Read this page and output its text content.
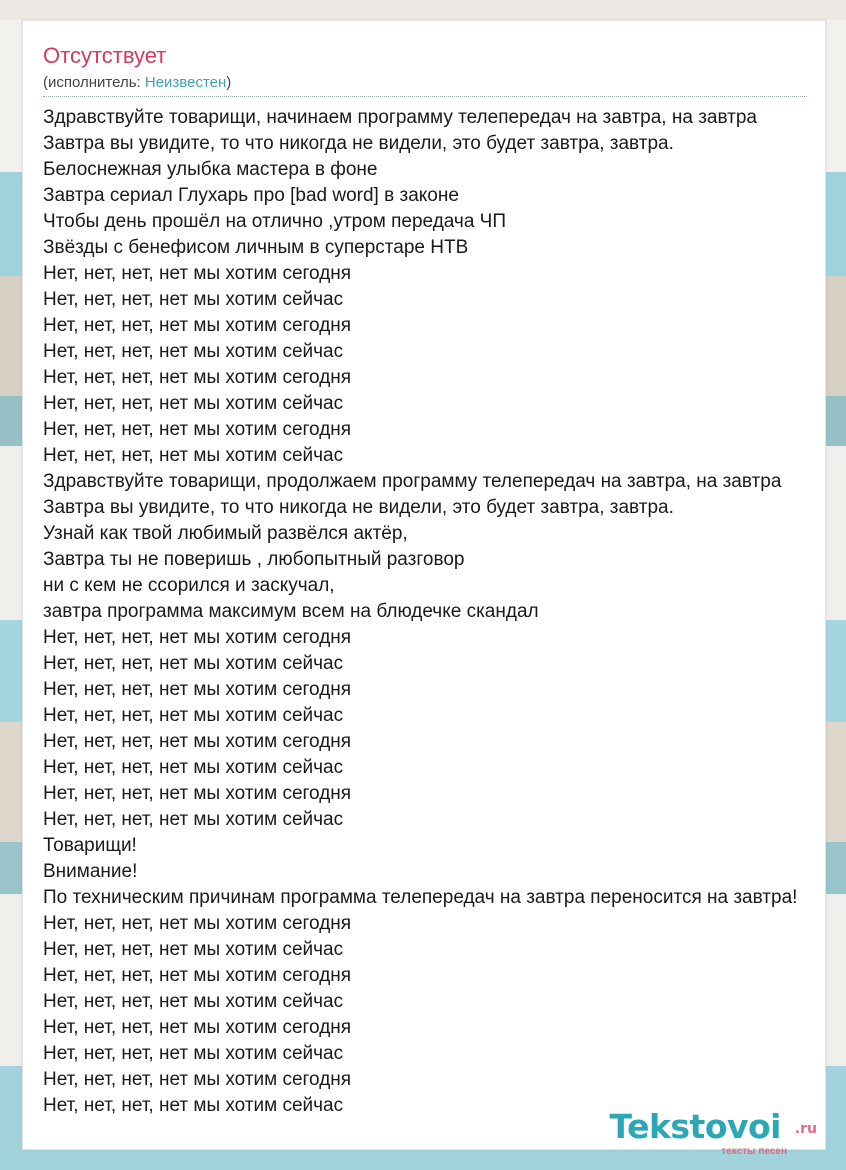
Отсутствует
(исполнитель: Неизвестен)
Здравствуйте товарищи, начинаем программу телепередач на завтра, на завтра
Завтра вы увидите, то что никогда не видели, это будет завтра, завтра.
Белоснежная улыбка мастера в фоне
Завтра сериал Глухарь про [bad word] в законе
Чтобы день прошёл на отлично ,утром передача ЧП
Звёзды с бенефисом личным в суперстаре НТВ
Нет, нет, нет, нет мы хотим сегодня
Нет, нет, нет, нет мы хотим сейчас
Нет, нет, нет, нет мы хотим сегодня
Нет, нет, нет, нет мы хотим сейчас
Нет, нет, нет, нет мы хотим сегодня
Нет, нет, нет, нет мы хотим сейчас
Нет, нет, нет, нет мы хотим сегодня
Нет, нет, нет, нет мы хотим сейчас
Здравствуйте товарищи, продолжаем программу телепередач на завтра, на завтра
Завтра вы увидите, то что никогда не видели, это будет завтра, завтра.
Узнай как твой любимый развёлся актёр,
Завтра ты не поверишь , любопытный разговор
ни с кем не ссорился и заскучал,
завтра программа максимум всем на блюдечке скандал
Нет, нет, нет, нет мы хотим сегодня
Нет, нет, нет, нет мы хотим сейчас
Нет, нет, нет, нет мы хотим сегодня
Нет, нет, нет, нет мы хотим сейчас
Нет, нет, нет, нет мы хотим сегодня
Нет, нет, нет, нет мы хотим сейчас
Нет, нет, нет, нет мы хотим сегодня
Нет, нет, нет, нет мы хотим сейчас
Товарищи!
Внимание!
По техническим причинам программа телепередач на завтра переносится на завтра!
Нет, нет, нет, нет мы хотим сегодня
Нет, нет, нет, нет мы хотим сейчас
Нет, нет, нет, нет мы хотим сегодня
Нет, нет, нет, нет мы хотим сейчас
Нет, нет, нет, нет мы хотим сегодня
Нет, нет, нет, нет мы хотим сейчас
Нет, нет, нет, нет мы хотим сегодня
Нет, нет, нет, нет мы хотим сейчас
Tekstovoi .ru
тексты песен
